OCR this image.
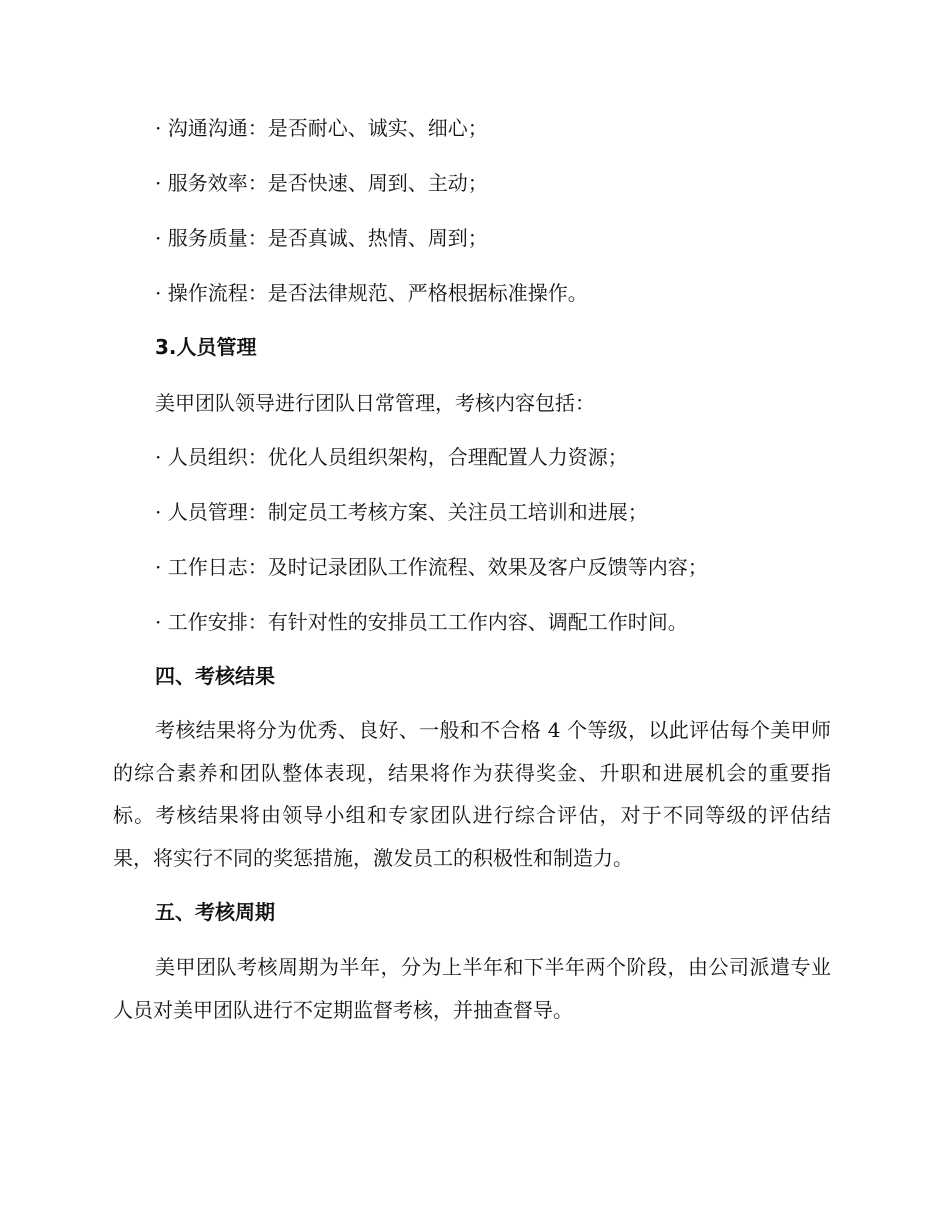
· 沟通沟通：是否耐心、诚实、细心；
· 服务效率：是否快速、周到、主动；
· 服务质量：是否真诚、热情、周到；
· 操作流程：是否法律规范、严格根据标准操作。
3.人员管理
美甲团队领导进行团队日常管理，考核内容包括：
· 人员组织：优化人员组织架构，合理配置人力资源；
· 人员管理：制定员工考核方案、关注员工培训和进展；
· 工作日志：及时记录团队工作流程、效果及客户反馈等内容；
· 工作安排：有针对性的安排员工工作内容、调配工作时间。
四、考核结果

考核结果将分为优秀、良好、一般和不合格 4 个等级，以此评估每个美甲师的综合素养和团队整体表现，结果将作为获得奖金、升职和进展机会的重要指标。考核结果将由领导小组和专家团队进行综合评估，对于不同等级的评估结果，将实行不同的奖惩措施，激发员工的积极性和制造力。

五、考核周期

美甲团队考核周期为半年，分为上半年和下半年两个阶段，由公司派遣专业人员对美甲团队进行不定期监督考核，并抽查督导。
